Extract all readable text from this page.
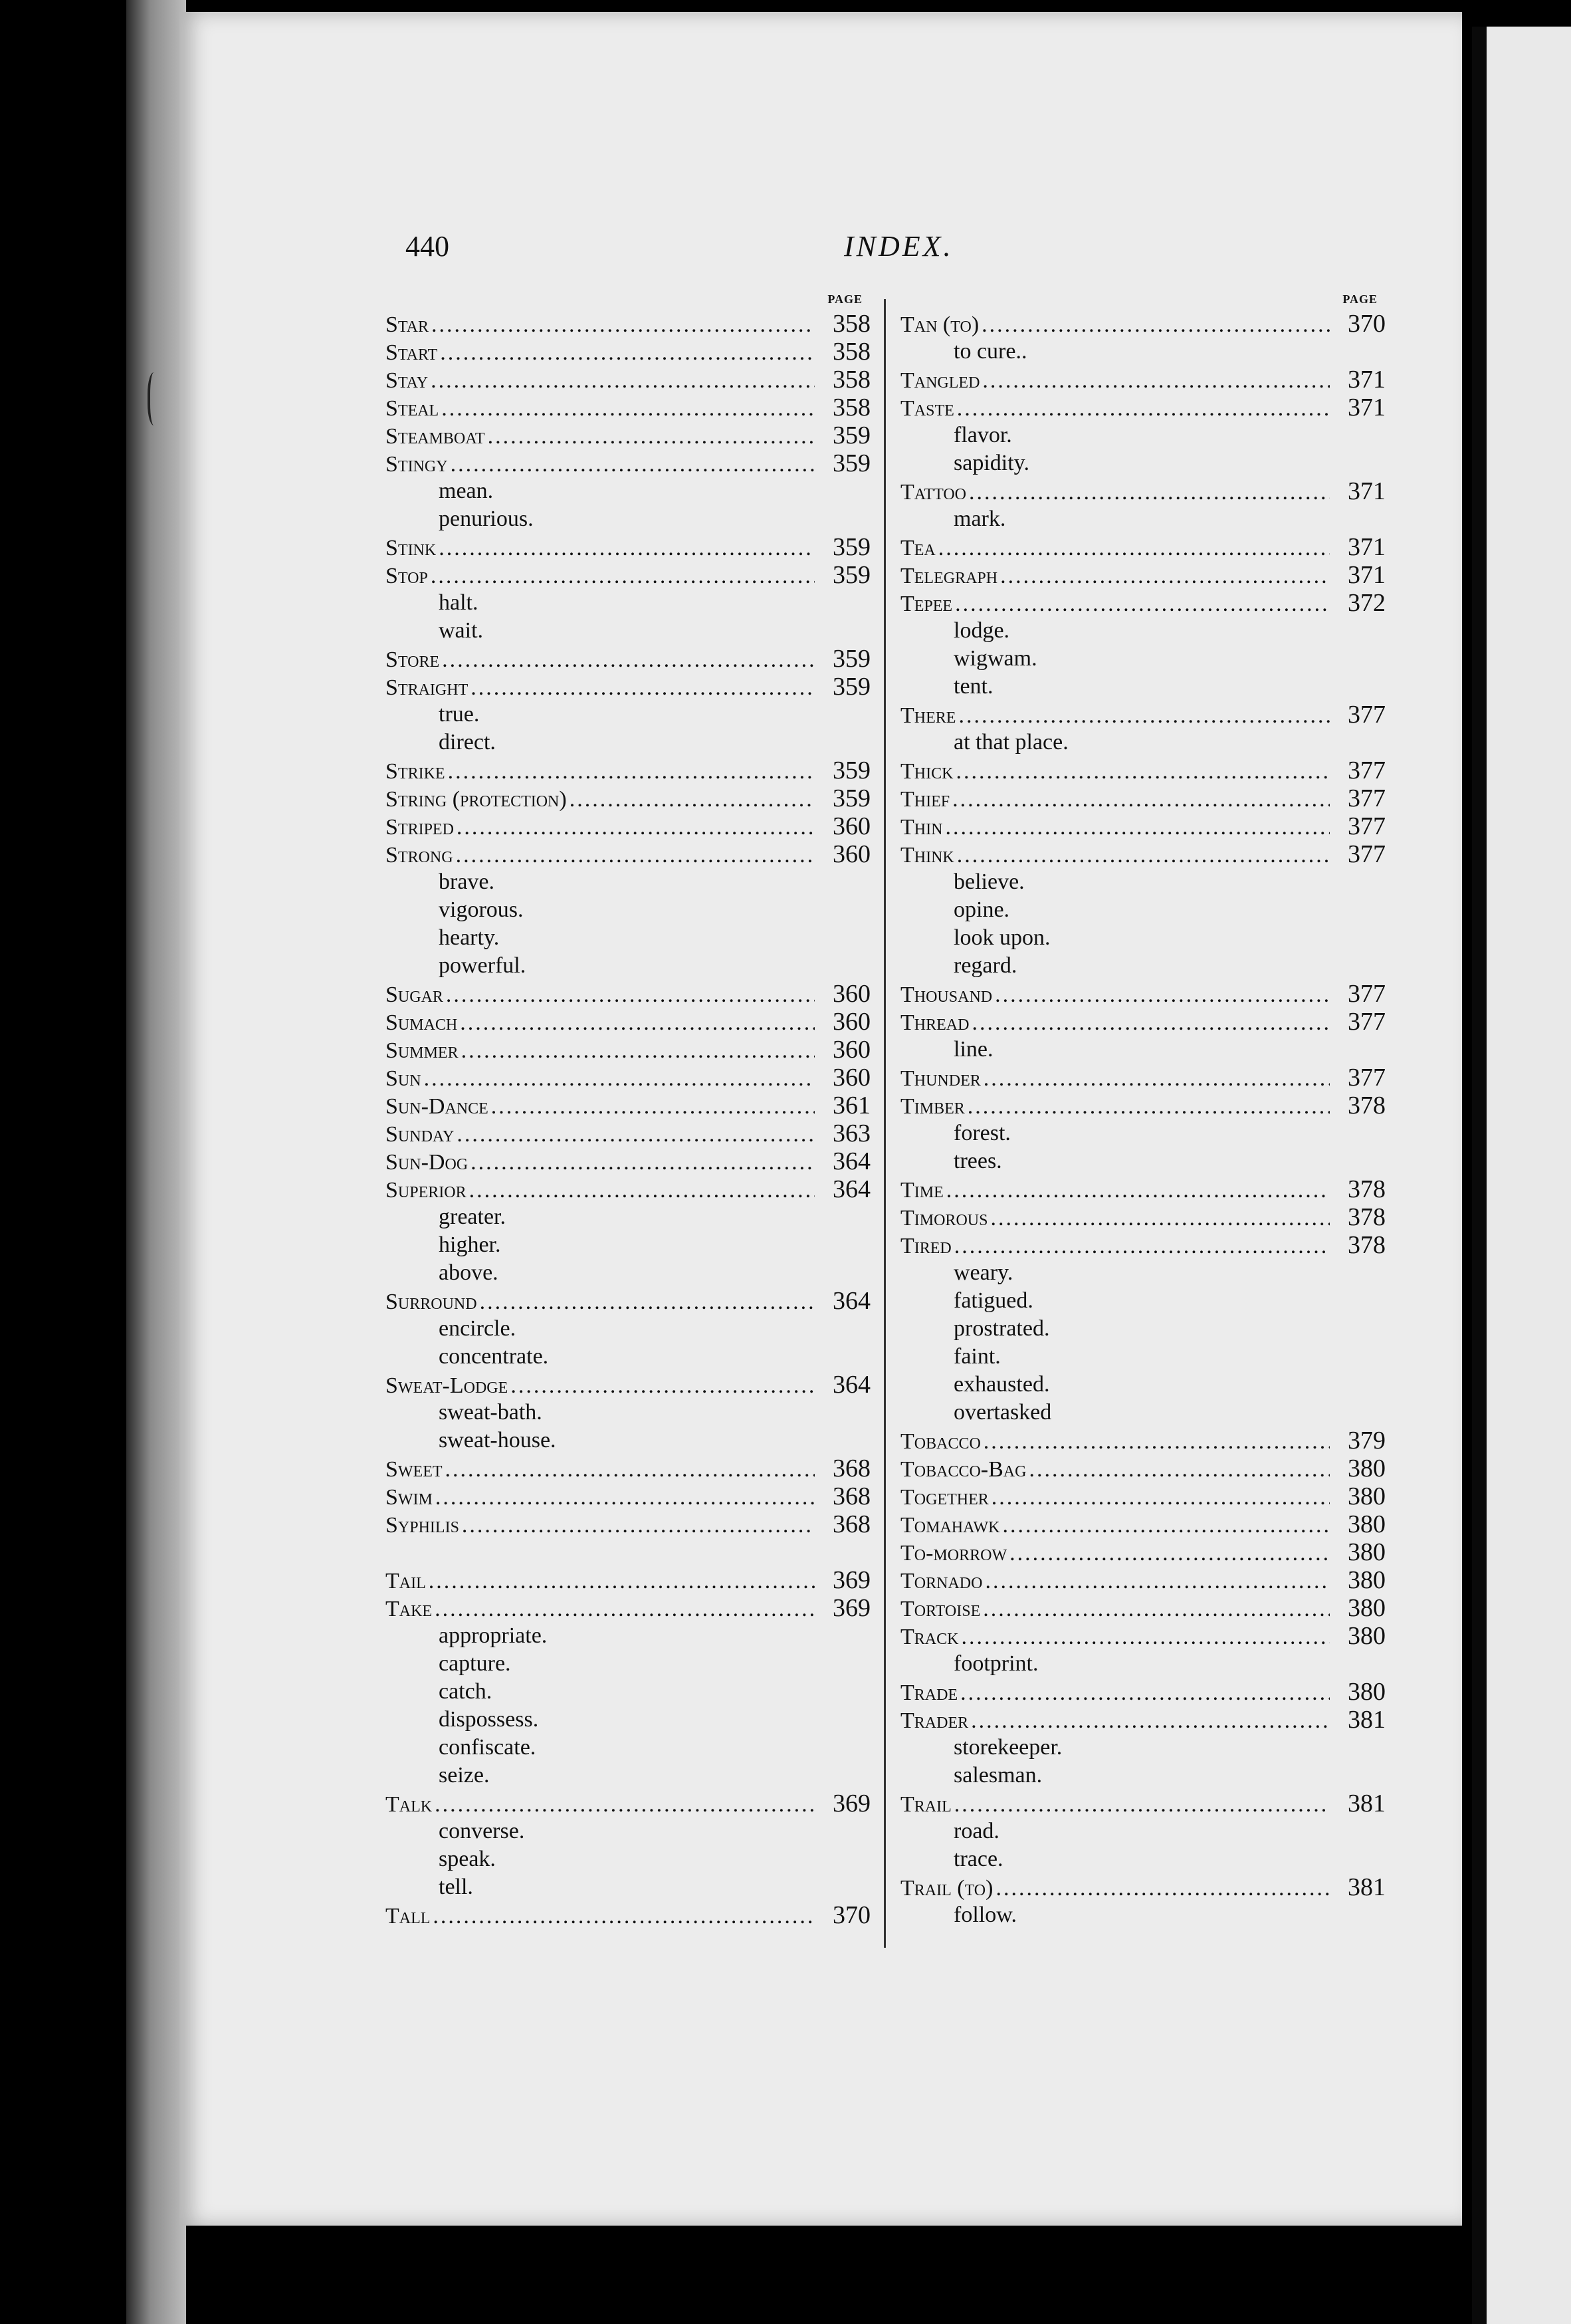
440	INDEX.
PAGE
Star .....	358
Start .....	358
Stay .....	358
Steal .....	358
Steamboat .....	359
Stingy .....	359
mean.
penurious.
Stink .....	359
Stop .....	359
halt.
wait.
Store .....	359
Straight .....	359
true.
direct.
Strike .....	359
String (protection) .....	359
Striped .....	360
Strong .....	360
brave.
vigorous.
hearty.
powerful.
Sugar .....	360
Sumach .....	360
Summer .....	360
Sun .....	360
Sun-Dance .....	361
Sunday .....	363
Sun-Dog .....	364
Superior .....	364
greater.
higher.
above.
Surround .....	364
encircle.
concentrate.
Sweat-Lodge .....	364
sweat-bath.
sweat-house.
Sweet .....	368
Swim .....	368
Syphilis .....	368
Tail .....	369
Take .....	369
appropriate.
capture.
catch.
dispossess.
confiscate.
seize.
Talk .....	369
converse.
speak.
tell.
Tall .....	370
PAGE
Tan (to) .....	370
to cure..
Tangled .....	371
Taste .....	371
flavor.
sapidity.
Tattoo .....	371
mark.
Tea .....	371
Telegraph .....	371
Tepee .....	372
lodge.
wigwam.
tent.
There .....	377
at that place.
Thick .....	377
Thief .....	377
Thin .....	377
Think .....	377
believe.
opine.
look upon.
regard.
Thousand .....	377
Thread .....	377
line.
Thunder .....	377
Timber .....	378
forest.
trees.
Time .....	378
Timorous .....	378
Tired .....	378
weary.
fatigued.
prostrated.
faint.
exhausted.
overtasked
Tobacco .....	379
Tobacco-Bag .....	380
Together .....	380
Tomahawk .....	380
To-morrow .....	380
Tornado .....	380
Tortoise .....	380
Track .....	380
footprint.
Trade .....	380
Trader .....	381
storekeeper.
salesman.
Trail .....	381
road.
trace.
Trail (to) .....	381
follow.
